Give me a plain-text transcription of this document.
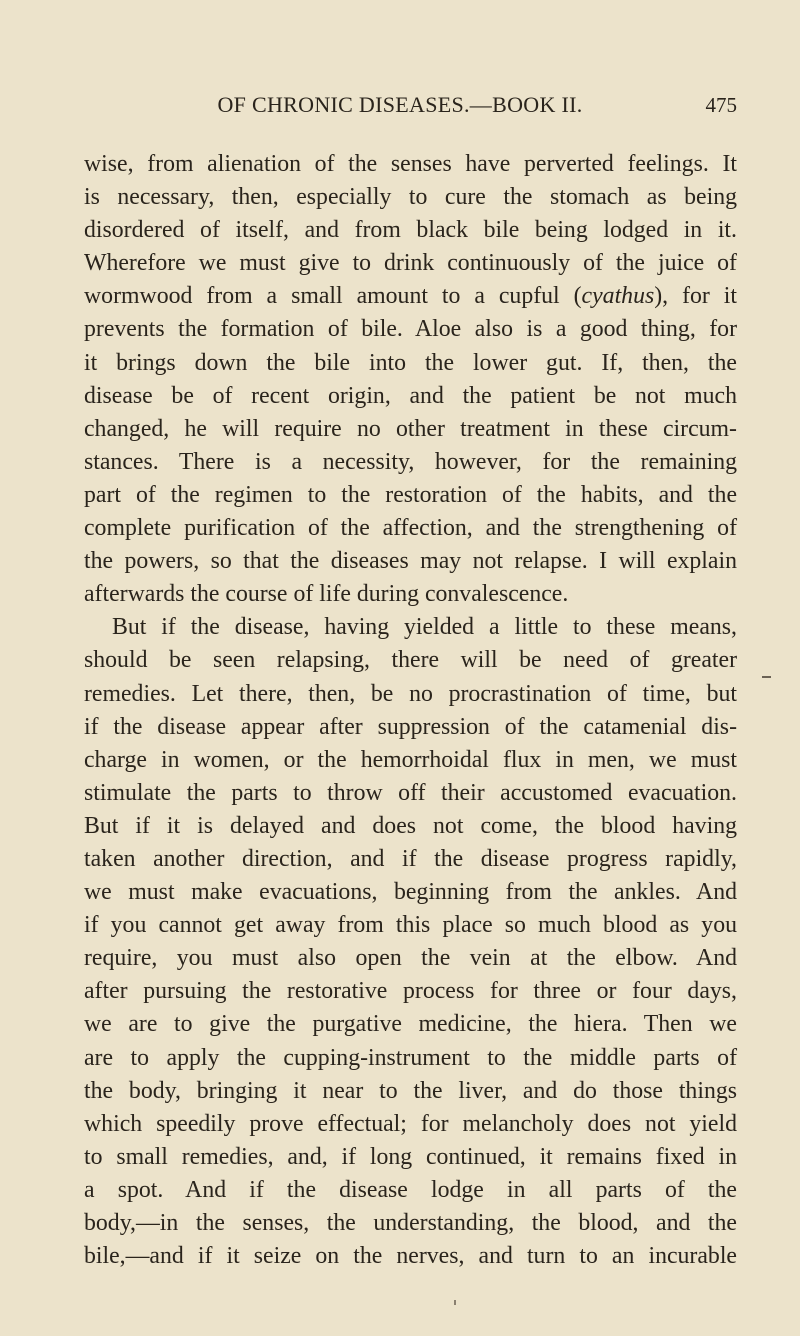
OF CHRONIC DISEASES.—BOOK II.	475
wise, from alienation of the senses have perverted feelings. It
is necessary, then, especially to cure the stomach as being
disordered of itself, and from black bile being lodged in it.
Wherefore we must give to drink continuously of the juice of
wormwood from a small amount to a cupful (cyathus), for it
prevents the formation of bile. Aloe also is a good thing, for
it brings down the bile into the lower gut. If, then, the
disease be of recent origin, and the patient be not much
changed, he will require no other treatment in these circum-
stances. There is a necessity, however, for the remaining
part of the regimen to the restoration of the habits, and the
complete purification of the affection, and the strengthening of
the powers, so that the diseases may not relapse. I will explain
afterwards the course of life during convalescence.
But if the disease, having yielded a little to these means,
should be seen relapsing, there will be need of greater
remedies. Let there, then, be no procrastination of time, but
if the disease appear after suppression of the catamenial dis-
charge in women, or the hemorrhoidal flux in men, we must
stimulate the parts to throw off their accustomed evacuation.
But if it is delayed and does not come, the blood having
taken another direction, and if the disease progress rapidly,
we must make evacuations, beginning from the ankles. And
if you cannot get away from this place so much blood as you
require, you must also open the vein at the elbow. And
after pursuing the restorative process for three or four days,
we are to give the purgative medicine, the hiera. Then we
are to apply the cupping-instrument to the middle parts of
the body, bringing it near to the liver, and do those things
which speedily prove effectual; for melancholy does not yield
to small remedies, and, if long continued, it remains fixed in
a spot. And if the disease lodge in all parts of the
body,—in the senses, the understanding, the blood, and the
bile,—and if it seize on the nerves, and turn to an incurable
